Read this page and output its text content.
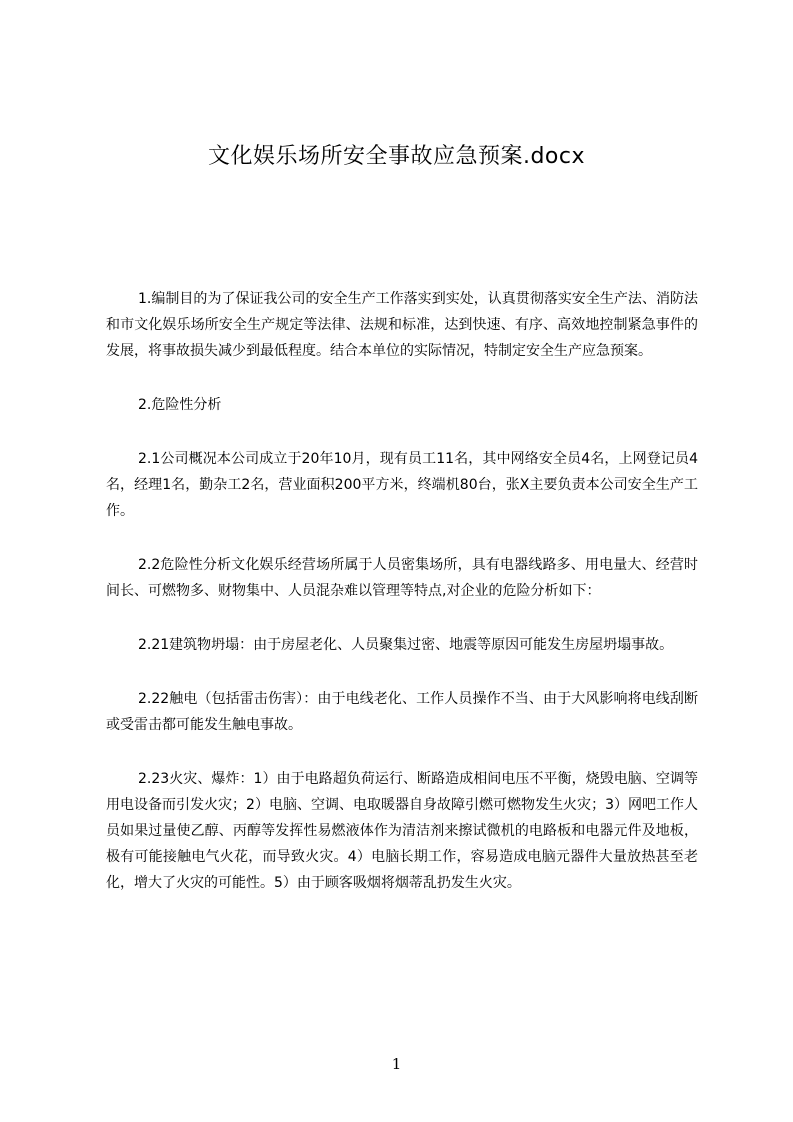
文化娱乐场所安全事故应急预案.docx

1.编制目的为了保证我公司的安全生产工作落实到实处，认真贯彻落实安全生产法、消防法和市文化娱乐场所安全生产规定等法律、法规和标准，达到快速、有序、高效地控制紧急事件的发展，将事故损失减少到最低程度。结合本单位的实际情况，特制定安全生产应急预案。

2.危险性分析

2.1公司概况本公司成立于20年10月，现有员工11名，其中网络安全员4名，上网登记员4名，经理1名，勤杂工2名，营业面积200平方米，终端机80台，张X主要负责本公司安全生产工作。

2.2危险性分析文化娱乐经营场所属于人员密集场所，具有电器线路多、用电量大、经营时间长、可燃物多、财物集中、人员混杂难以管理等特点,对企业的危险分析如下：

2.21建筑物坍塌：由于房屋老化、人员聚集过密、地震等原因可能发生房屋坍塌事故。

2.22触电（包括雷击伤害）：由于电线老化、工作人员操作不当、由于大风影响将电线刮断或受雷击都可能发生触电事故。

2.23火灾、爆炸：1）由于电路超负荷运行、断路造成相间电压不平衡，烧毁电脑、空调等用电设备而引发火灾；2）电脑、空调、电取暖器自身故障引燃可燃物发生火灾；3）网吧工作人员如果过量使乙醇、丙醇等发挥性易燃液体作为清洁剂来擦试微机的电路板和电器元件及地板，极有可能接触电气火花，而导致火灾。4）电脑长期工作，容易造成电脑元器件大量放热甚至老化，增大了火灾的可能性。5）由于顾客吸烟将烟蒂乱扔发生火灾。

1
